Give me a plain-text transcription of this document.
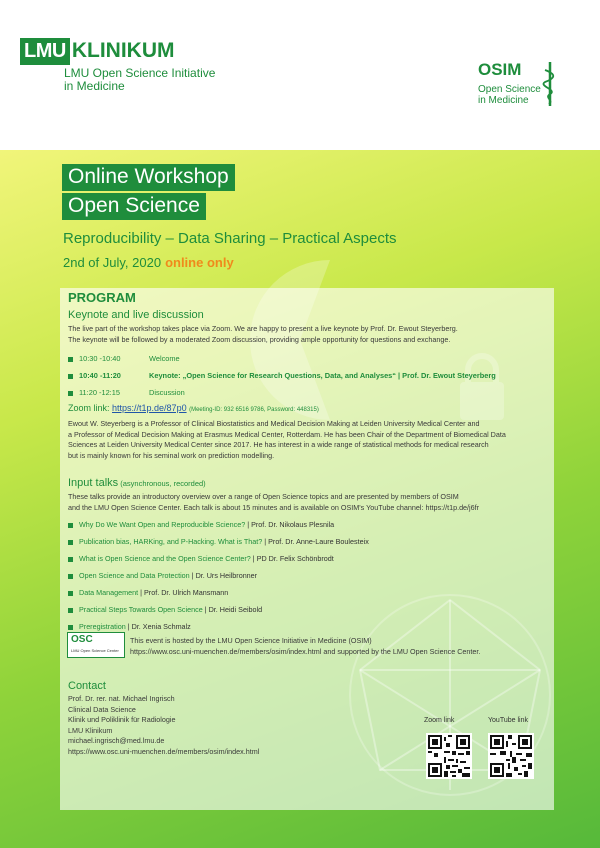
LMU KLINIKUM
LMU Open Science Initiative
in Medicine
OSIM
Open Science
in Medicine
Online Workshop
Open Science
Reproducibility – Data Sharing – Practical Aspects
2nd of July, 2020 online only
PROGRAM
Keynote and live discussion
The live part of the workshop takes place via Zoom. We are happy to present a live keynote by Prof. Dr. Ewout Steyerberg.
The keynote will be followed by a moderated Zoom discussion, providing ample opportunity for questions and exchange.
10:30 -10:40	Welcome
10:40 -11:20	Keynote: „Open Science for Research Questions, Data, and Analyses“ | Prof. Dr. Ewout Steyerberg
11:20 -12:15	Discussion
Zoom link: https://t1p.de/87p0 (Meeting-ID: 932 6516 9786, Password: 448315)
Ewout W. Steyerberg is a Professor of Clinical Biostatistics and Medical Decision Making at Leiden University Medical Center and
a Professor of Medical Decision Making at Erasmus Medical Center, Rotterdam. He has been Chair of the Department of Biomedical Data
Sciences at Leiden University Medical Center since 2017. He has interest in a wide range of statistical methods for medical research
but is mainly known for his seminal work on prediction modelling.
Input talks (asynchronous, recorded)
These talks provide an introductory overview over a range of Open Science topics and are presented by members of OSIM
and the LMU Open Science Center. Each talk is about 15 minutes and is available on OSIM's YouTube channel: https://t1p.de/j6fr
Why Do We Want Open and Reproducible Science? | Prof. Dr. Nikolaus Plesnila
Publication bias, HARKing, and P-Hacking. What is That? | Prof. Dr. Anne-Laure Boulesteix
What is Open Science and the Open Science Center? | PD Dr. Felix Schönbrodt
Open Science and Data Protection | Dr. Urs Heilbronner
Data Management | Prof. Dr. Ulrich Mansmann
Practical Steps Towards Open Science | Dr. Heidi Seibold
Preregistration | Dr. Xenia Schmalz
OSC
LMU Open Science Center
This event is hosted by the LMU Open Science Initiative in Medicine (OSIM)
https://www.osc.uni-muenchen.de/members/osim/index.html and supported by the LMU Open Science Center.
Contact
Prof. Dr. rer. nat. Michael Ingrisch
Clinical Data Science
Klinik und Poliklinik für Radiologie
LMU Klinikum
michael.ingrisch@med.lmu.de
https://www.osc.uni-muenchen.de/members/osim/index.html
Zoom link	YouTube link
